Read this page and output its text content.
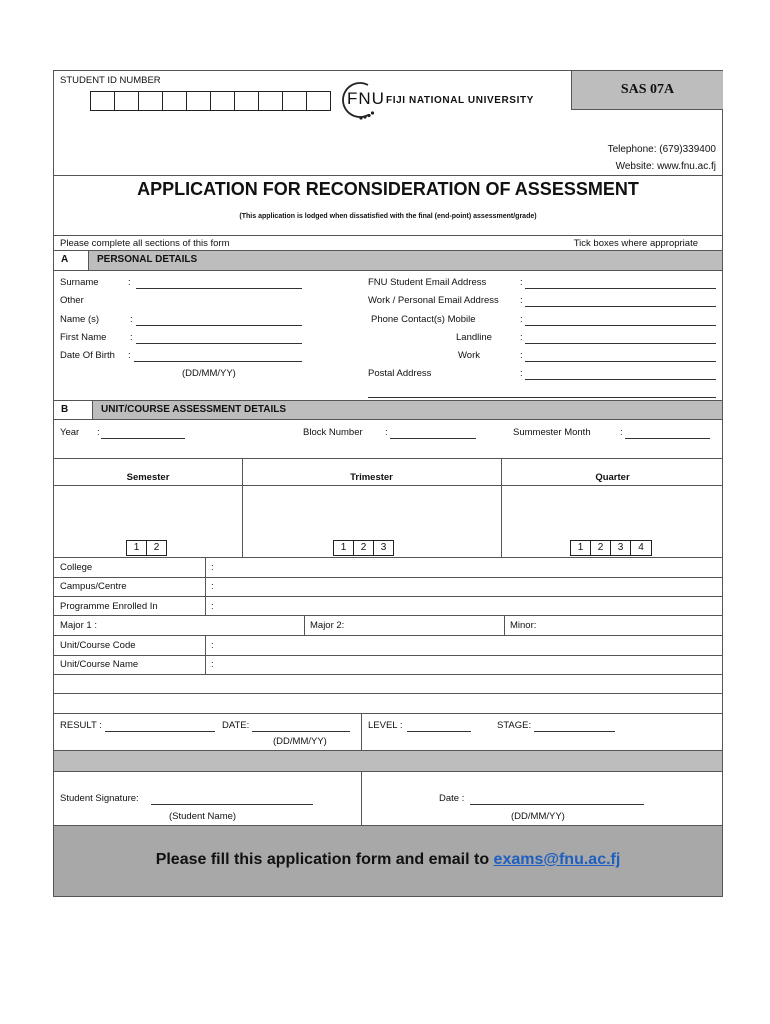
STUDENT ID NUMBER
FNU FIJI NATIONAL UNIVERSITY
SAS 07A
Telephone: (679)339400
Website: www.fnu.ac.fj
APPLICATION FOR RECONSIDERATION OF ASSESSMENT
(This application is lodged when dissatisfied with the final (end-point) assessment/grade)
Please complete all sections of this form	Tick boxes where appropriate
A	PERSONAL DETAILS
Surname	:
Other
Name (s)	:
First Name :
Date Of Birth :
(DD/MM/YY)
FNU Student Email Address	:
Work / Personal Email Address :
Phone Contact(s) Mobile	:
Landline	:
Work	:
Postal Address	:
B	UNIT/COURSE ASSESSMENT DETAILS
Year :	Block Number :	Summester Month	:
Semester	Trimester	Quarter
1	2	1	2	3	1	2	3	4
College	:
Campus/Centre	:
Programme Enrolled In	:
Major 1 :	Major 2:	Minor:
Unit/Course Code	:
Unit/Course Name	:
RESULT :	DATE:
(DD/MM/YY)
LEVEL :	STAGE:
Student Signature:
(Student Name)
Date :
(DD/MM/YY)
Please fill this application form and email to exams@fnu.ac.fj
